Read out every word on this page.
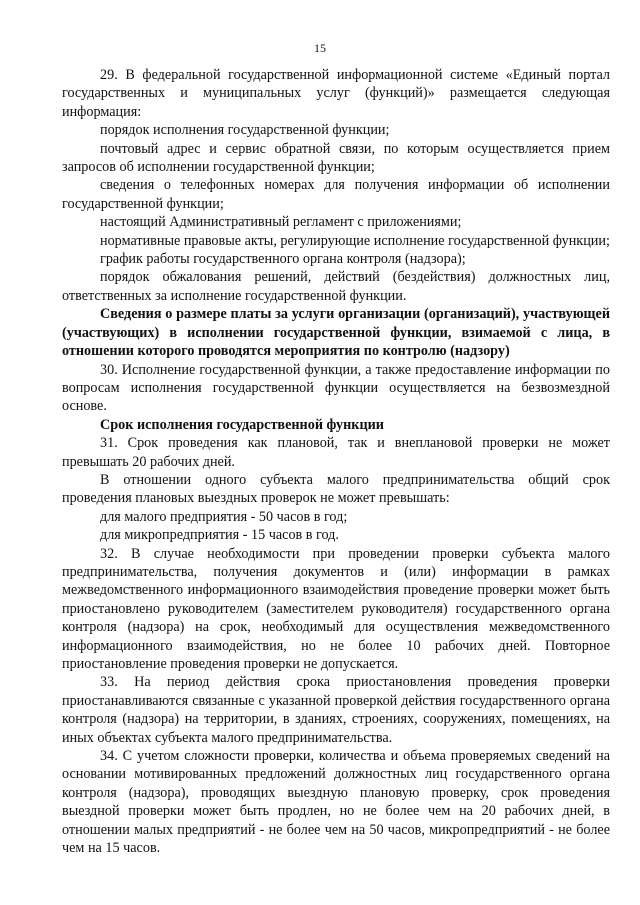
15

29. В федеральной государственной информационной системе «Единый портал государственных и муниципальных услуг (функций)» размещается следующая информация:

порядок исполнения государственной функции;

почтовый адрес и сервис обратной связи, по которым осуществляется прием запросов об исполнении государственной функции;

сведения о телефонных номерах для получения информации об исполнении государственной функции;

настоящий Административный регламент с приложениями;

нормативные правовые акты, регулирующие исполнение государственной функции;

график работы государственного органа контроля (надзора);

порядок обжалования решений, действий (бездействия) должностных лиц, ответственных за исполнение государственной функции.

Сведения о размере платы за услуги организации (организаций), участвующей (участвующих) в исполнении государственной функции, взимаемой с лица, в отношении которого проводятся мероприятия по контролю (надзору)

30. Исполнение государственной функции, а также предоставление информации по вопросам исполнения государственной функции осуществляется на безвозмездной основе.

Срок исполнения государственной функции

31. Срок проведения как плановой, так и внеплановой проверки не может превышать 20 рабочих дней.

В отношении одного субъекта малого предпринимательства общий срок проведения плановых выездных проверок не может превышать:

для малого предприятия - 50 часов в год;

для микропредприятия - 15 часов в год.

32. В случае необходимости при проведении проверки субъекта малого предпринимательства, получения документов и (или) информации в рамках межведомственного информационного взаимодействия проведение проверки может быть приостановлено руководителем (заместителем руководителя) государственного органа контроля (надзора) на срок, необходимый для осуществления межведомственного информационного взаимодействия, но не более 10 рабочих дней. Повторное приостановление проведения проверки не допускается.

33. На период действия срока приостановления проведения проверки приостанавливаются связанные с указанной проверкой действия государственного органа контроля (надзора) на территории, в зданиях, строениях, сооружениях, помещениях, на иных объектах субъекта малого предпринимательства.

34. С учетом сложности проверки, количества и объема проверяемых сведений на основании мотивированных предложений должностных лиц государственного органа контроля (надзора), проводящих выездную плановую проверку, срок проведения выездной проверки может быть продлен, но не более чем на 20 рабочих дней, в отношении малых предприятий - не более чем на 50 часов, микропредприятий - не более чем на 15 часов.
